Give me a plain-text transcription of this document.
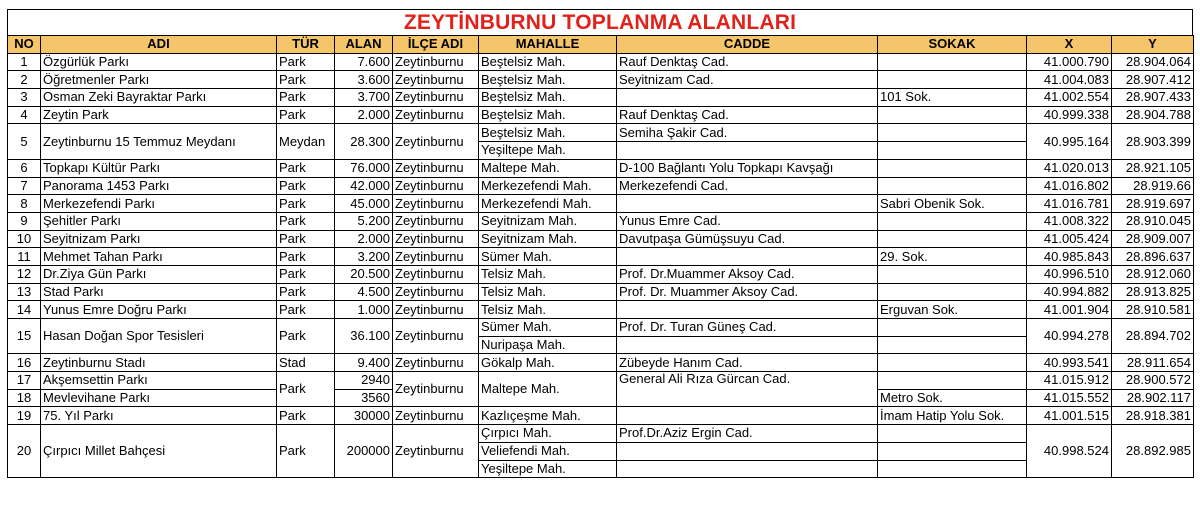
ZEYTİNBURNU TOPLANMA ALANLARI
NO	ADI	TÜR	ALAN	İLÇE ADI	MAHALLE	CADDE	SOKAK	X	Y
1	Özgürlük Parkı	Park	7.600	Zeytinburnu	Beştelsiz Mah.	Rauf Denktaş Cad.		41.000.790	28.904.064
2	Öğretmenler Parkı	Park	3.600	Zeytinburnu	Beştelsiz Mah.	Seyitnizam Cad.		41.004.083	28.907.412
3	Osman Zeki Bayraktar Parkı	Park	3.700	Zeytinburnu	Beştelsiz Mah.		101 Sok.	41.002.554	28.907.433
4	Zeytin Park	Park	2.000	Zeytinburnu	Beştelsiz Mah.	Rauf Denktaş Cad.		40.999.338	28.904.788
5	Zeytinburnu 15 Temmuz Meydanı	Meydan	28.300	Zeytinburnu	Beştelsiz Mah.	Semiha Şakir Cad.		40.995.164	28.903.399
					Yeşiltepe Mah.				
6	Topkapı Kültür Parkı	Park	76.000	Zeytinburnu	Maltepe Mah.	D-100 Bağlantı Yolu Topkapı Kavşağı		41.020.013	28.921.105
7	Panorama 1453 Parkı	Park	42.000	Zeytinburnu	Merkezefendi Mah.	Merkezefendi Cad.		41.016.802	28.919.66
8	Merkezefendi Parkı	Park	45.000	Zeytinburnu	Merkezefendi Mah.		Sabri Obenik Sok.	41.016.781	28.919.697
9	Şehitler Parkı	Park	5.200	Zeytinburnu	Seyitnizam Mah.	Yunus Emre Cad.		41.008.322	28.910.045
10	Seyitnizam Parkı	Park	2.000	Zeytinburnu	Seyitnizam Mah.	Davutpaşa Gümüşsuyu Cad.		41.005.424	28.909.007
11	Mehmet Tahan Parkı	Park	3.200	Zeytinburnu	Sümer Mah.		29. Sok.	40.985.843	28.896.637
12	Dr.Ziya Gün Parkı	Park	20.500	Zeytinburnu	Telsiz Mah.	Prof. Dr.Muammer Aksoy Cad.		40.996.510	28.912.060
13	Stad Parkı	Park	4.500	Zeytinburnu	Telsiz Mah.	Prof. Dr. Muammer Aksoy Cad.		40.994.882	28.913.825
14	Yunus Emre Doğru Parkı	Park	1.000	Zeytinburnu	Telsiz Mah.		Erguvan Sok.	41.001.904	28.910.581
15	Hasan Doğan Spor Tesisleri	Park	36.100	Zeytinburnu	Sümer Mah.	Prof. Dr. Turan Güneş Cad.		40.994.278	28.894.702
					Nuripaşa Mah.				
16	Zeytinburnu Stadı	Stad	9.400	Zeytinburnu	Gökalp Mah.	Zübeyde Hanım Cad.		40.993.541	28.911.654
17	Akşemsettin Parkı	Park	2940	Zeytinburnu	Maltepe Mah.	General Ali Rıza Gürcan Cad.		41.015.912	28.900.572
18	Mevlevihane Parkı		3560				Metro Sok.	41.015.552	28.902.117
19	75. Yıl Parkı	Park	30000	Zeytinburnu	Kazlıçeşme Mah.		İmam Hatip Yolu Sok.	41.001.515	28.918.381
20	Çırpıcı Millet Bahçesi	Park	200000	Zeytinburnu	Çırpıcı Mah.	Prof.Dr.Aziz Ergin Cad.		40.998.524	28.892.985
					Veliefendi Mah.				
					Yeşiltepe Mah.				
